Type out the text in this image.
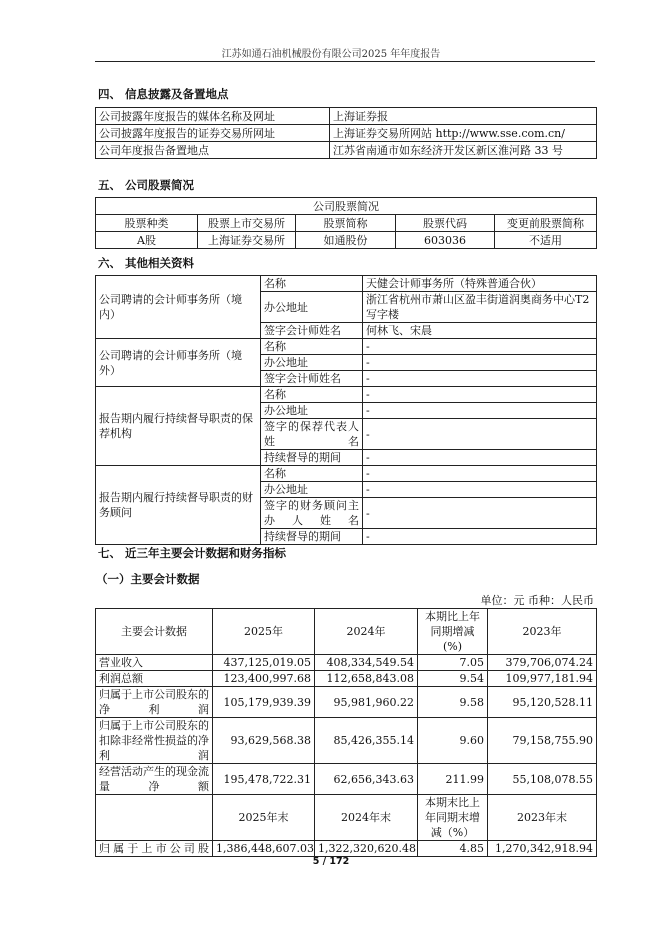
江苏如通石油机械股份有限公司2025 年年度报告
四、 信息披露及备置地点
公司披露年度报告的媒体名称及网址	上海证券报
公司披露年度报告的证券交易所网址	上海证券交易所网站 http://www.sse.com.cn/
公司年度报告备置地点	江苏省南通市如东经济开发区新区淮河路 33 号
五、 公司股票简况
公司股票简况				
股票种类	股票上市交易所	股票简称	股票代码	变更前股票简称
A股	上海证券交易所	如通股份	603036	不适用
六、 其他相关资料
公司聘请的会计师事务所（境内）	名称	天健会计师事务所（特殊普通合伙）
	办公地址	浙江省杭州市萧山区盈丰街道润奥商务中心T2 写字楼
	签字会计师姓名	何林飞、宋晨
公司聘请的会计师事务所（境外）	名称	-
	办公地址	-
	签字会计师姓名	-
报告期内履行持续督导职责的保荐机构	名称	-
	办公地址	-
	签字的保荐代表人姓名	-
	持续督导的期间	-
报告期内履行持续督导职责的财务顾问	名称	-
	办公地址	-
	签字的财务顾问主办人姓名	-
	持续督导的期间	-
七、 近三年主要会计数据和财务指标
（一）主要会计数据
单位：元 币种：人民币
主要会计数据	2025年	2024年	本期比上年同期增减(%)	2023年
营业收入	437,125,019.05	408,334,549.54	7.05	379,706,074.24
利润总额	123,400,997.68	112,658,843.08	9.54	109,977,181.94
归属于上市公司股东的净利润	105,179,939.39	95,981,960.22	9.58	95,120,528.11
归属于上市公司股东的扣除非经常性损益的净利润	93,629,568.38	85,426,355.14	9.60	79,158,755.90
经营活动产生的现金流量净额	195,478,722.31	62,656,343.63	211.99	55,108,078.55
	2025年末	2024年末	本期末比上年同期末增减（%）	2023年末
归属于上市公司股	1,386,448,607.03	1,322,320,620.48	4.85	1,270,342,918.94
5 / 172
